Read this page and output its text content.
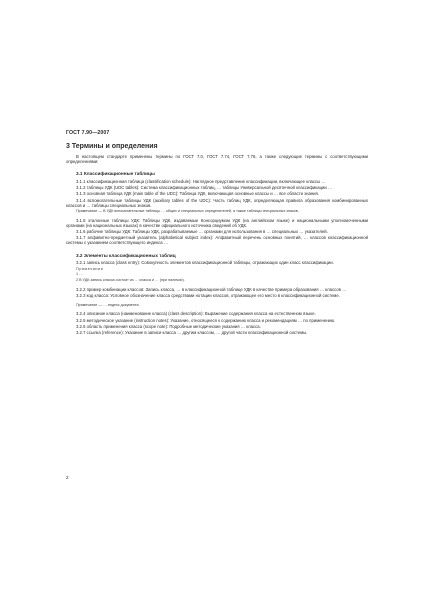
ГОСТ 7.90—2007
3 Термины и определения

В настоящем стандарте применены термины по ГОСТ 7.0, ГОСТ 7.74, ГОСТ 7.76, а также следующие термины с соответствующими определениями:

3.1 Классификационные таблицы

3.1.1 классификационная таблица (classification schedule): Наглядное представление классификации, включающее классы …

3.1.2 таблицы УДК (UDC tables): Система классификационных таблиц, … таблицы Универсальной десятичной классификации …

3.1.3 основная таблица УДК (main table of the UDC): Таблица УДК, включающая основные классы и … все области знания.

3.1.4 вспомогательные таблицы УДК (auxiliary tables of the UDC): Часть таблиц УДК, определяющая правила образования комбинированных классов и … таблицы специальных знаков.

Примечание — В УДК вспомогательные таблицы … общих и специальных определителей, а также таблицы специальных знаков.

3.1.5 эталонные таблицы УДК: Таблицы УДК, издаваемые Консорциумом УДК (на английском языке) и национальными уполномоченными органами (на национальных языках) в качестве официального источника сведений об УДК.

3.1.6 рабочие таблицы УДК: Таблицы УДК, разрабатываемые … органами для использования в … специальных … указателей.

3.1.7 алфавитно-предметный указатель (alphabetical subject index): Алфавитный перечень основных понятий, … классов классификационной системы с указанием соответствующего индекса …

3.2 Элементы классификационных таблиц

3.2.1 запись класса (class entry): Совокупность элементов классификационной таблицы, отражающих один класс классификации.

Примечания

1 …

2 В УДК запись класса состоит из … класса и … (при наличии).

3.2.2 пример комбинации классов: Запись класса, … в классификационной таблице УДК в качестве примера образования … классов …

3.2.3 код класса: Условное обозначение класса средствами нотации классов, отражающее его место в классификационной системе.

Примечание — … индекс документа.

3.2.4 описание класса (наименование класса) (class description): Выражение содержания класса на естественном языке.

3.2.5 методическое указание (instruction notes): Указание, относящееся к содержанию класса и рекомендациям … по применению.

3.2.6 область применения класса (scope note): Подробные методические указания … класса.

3.2.7 ссылка (reference): Указание в записи класса … другим классом, … другой части классификационной системы.

2
